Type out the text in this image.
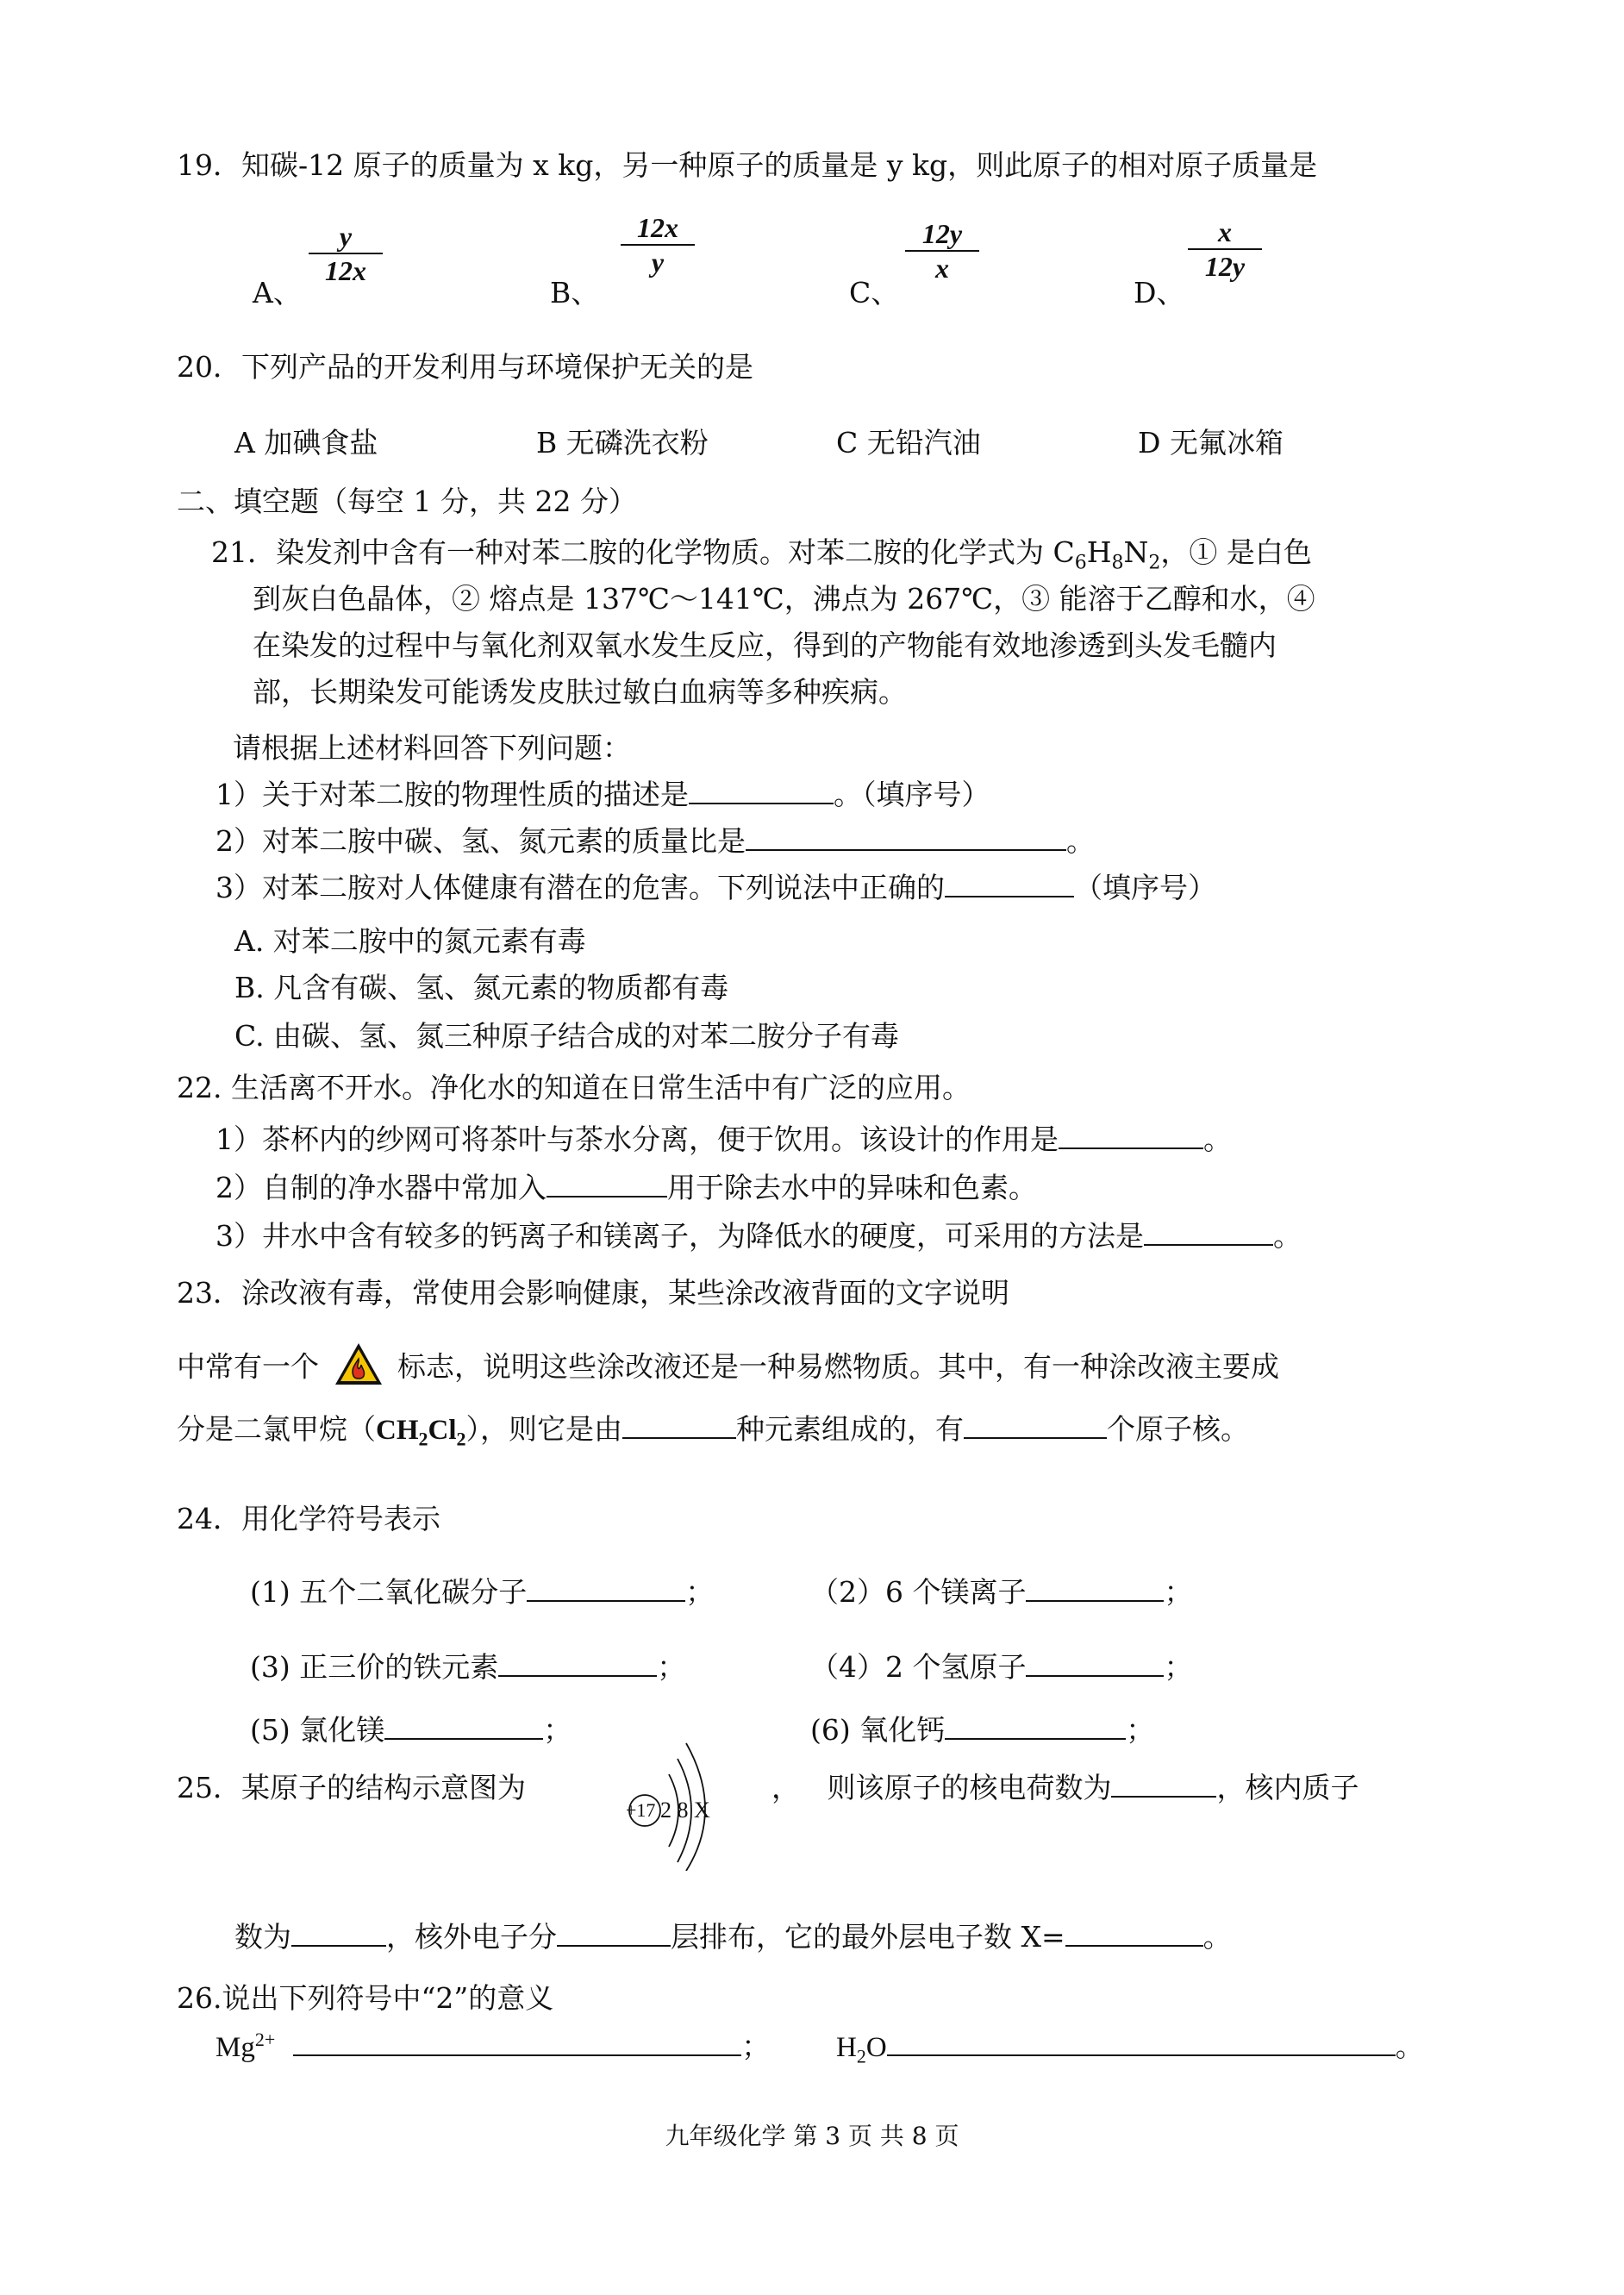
19．知碳-12 原子的质量为 x kg，另一种原子的质量是 y kg，则此原子的相对原子质量是
A、
$\frac{y}{12x}$
B、
$\frac{12x}{y}$
C、
$\frac{12y}{x}$
D、
$\frac{x}{12y}$
20．下列产品的开发利用与环境保护无关的是
A 加碘食盐	B 无磷洗衣粉	C 无铅汽油	D 无氟冰箱
二、填空题（每空 1 分，共 22 分）
21．染发剂中含有一种对苯二胺的化学物质。对苯二胺的化学式为 $C_6H_8N_2$，① 是白色
到灰白色晶体，② 熔点是 137℃～141℃，沸点为 267℃，③ 能溶于乙醇和水，④
在染发的过程中与氧化剂双氧水发生反应，得到的产物能有效地渗透到头发毛髓内
部，长期染发可能诱发皮肤过敏白血病等多种疾病。
请根据上述材料回答下列问题：
1）关于对苯二胺的物理性质的描述是	。（填序号）
2）对苯二胺中碳、氢、氮元素的质量比是	。
3）对苯二胺对人体健康有潜在的危害。下列说法中正确的	（填序号）
A. 对苯二胺中的氮元素有毒
B. 凡含有碳、氢、氮元素的物质都有毒
C. 由碳、氢、氮三种原子结合成的对苯二胺分子有毒
22. 生活离不开水。净化水的知道在日常生活中有广泛的应用。
1）茶杯内的纱网可将茶叶与茶水分离，便于饮用。该设计的作用是	。
2）自制的净水器中常加入	用于除去水中的异味和色素。
3）井水中含有较多的钙离子和镁离子，为降低水的硬度，可采用的方法是	。
23．涂改液有毒，常使用会影响健康，某些涂改液背面的文字说明
中常有一个	标志，说明这些涂改液还是一种易燃物质。其中，有一种涂改液主要成
分是二氯甲烷$(CH_2Cl_2)$，则它是由	种元素组成的，有	个原子核。
24．用化学符号表示
(1) 五个二氧化碳分子	；	（2）6 个镁离子	；
(3) 正三价的铁元素	；	（4）2 个氢原子	；
(5) 氯化镁	；	(6) 氧化钙	；
25．某原子的结构示意图为
+17 2 8 X
， 则该原子的核电荷数为	，核内质子
数为	，核外电子分	层排布，它的最外层电子数 X=	。
26.说出下列符号中“2”的意义
$Mg^{2+}$	； $H_2O$	。
九年级化学 第 3 页 共 8 页
